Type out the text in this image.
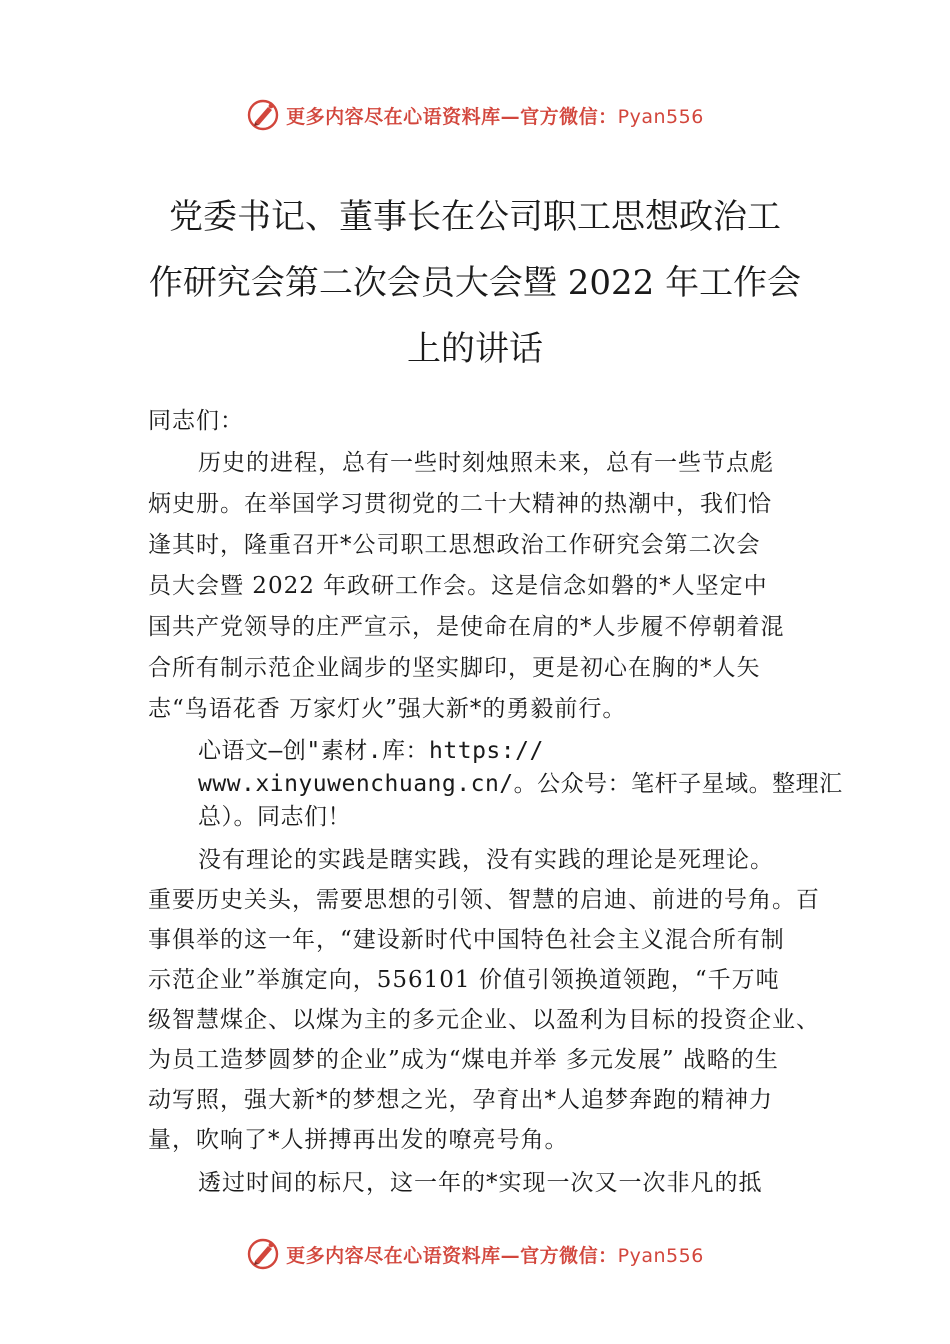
更多内容尽在心语资料库—官方微信：Pyan556
党委书记、董事长在公司职工思想政治工
作研究会第二次会员大会暨 2022 年工作会
上的讲话
同志们：
历史的进程，总有一些时刻烛照未来，总有一些节点彪
炳史册。在举国学习贯彻党的二十大精神的热潮中，我们恰
逢其时，隆重召开*公司职工思想政治工作研究会第二次会
员大会暨 2022 年政研工作会。这是信念如磐的*人坚定中
国共产党领导的庄严宣示，是使命在肩的*人步履不停朝着混
合所有制示范企业阔步的坚实脚印，更是初心在胸的*人矢
志“鸟语花香 万家灯火”强大新*的勇毅前行。
心语文—创"素材.库：https://
www.xinyuwenchuang.cn/。公众号：笔杆子星域。整理汇
总）。同志们！
没有理论的实践是瞎实践，没有实践的理论是死理论。
重要历史关头，需要思想的引领、智慧的启迪、前进的号角。百
事俱举的这一年，“建设新时代中国特色社会主义混合所有制
示范企业”举旗定向，556101 价值引领换道领跑，“千万吨
级智慧煤企、以煤为主的多元企业、以盈利为目标的投资企业、
为员工造梦圆梦的企业”成为“煤电并举 多元发展” 战略的生
动写照，强大新*的梦想之光，孕育出*人追梦奔跑的精神力
量，吹响了*人拼搏再出发的嘹亮号角。
透过时间的标尺，这一年的*实现一次又一次非凡的抵
更多内容尽在心语资料库—官方微信：Pyan556
